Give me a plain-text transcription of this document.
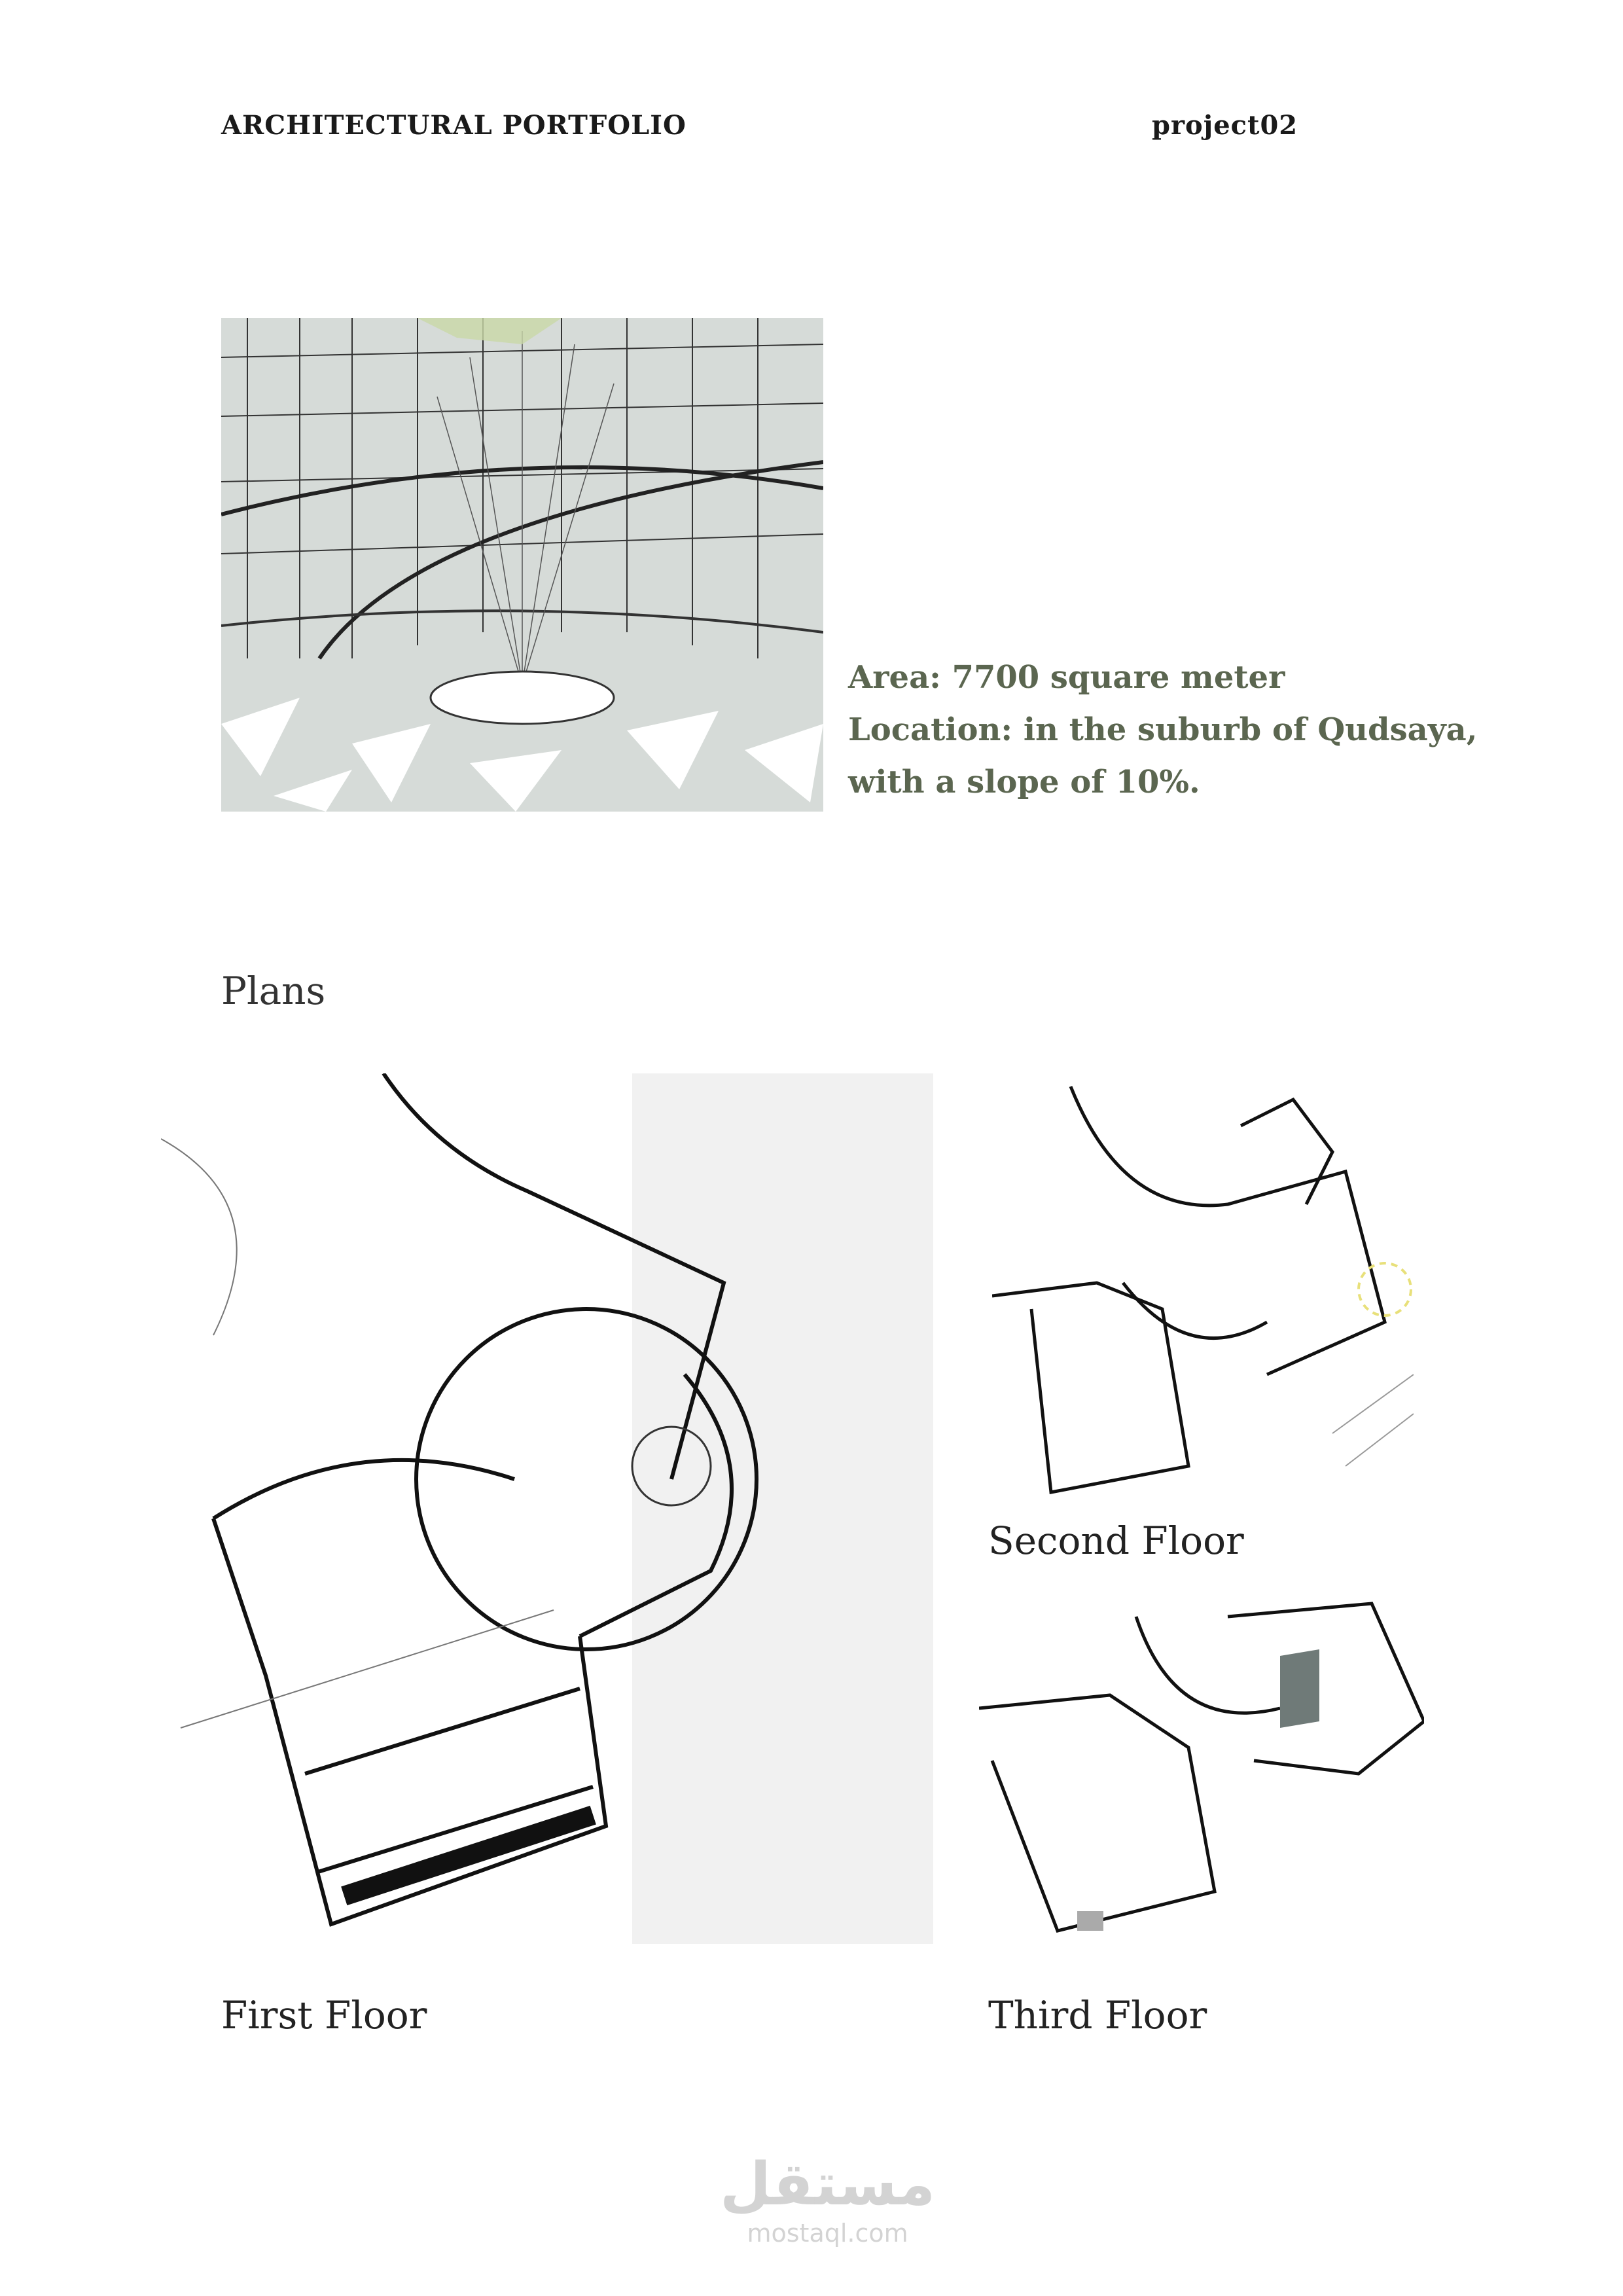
ARCHITECTURAL PORTFOLIO	project02
Area: 7700 square meter
Location: in the suburb of Qudsaya,
with a slope of 10%.
Plans
Second Floor
First Floor	Third Floor
مستقل
mostaql.com
